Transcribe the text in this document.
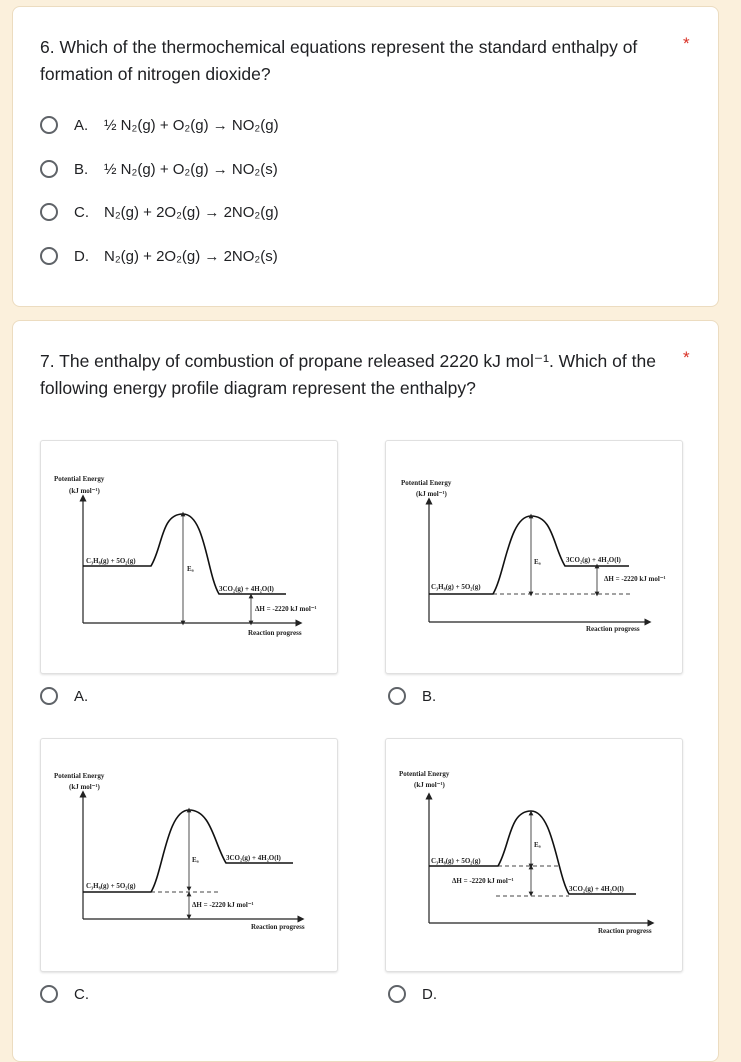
6. Which of the thermochemical equations represent the standard enthalpy of formation of nitrogen dioxide?
*
A.	½ N₂(g) + O₂(g) → NO₂(g)
B.	½ N₂(g) + O₂(g) → NO₂(s)
C.	N₂(g) + 2O₂(g) → 2NO₂(g)
D.	N₂(g) + 2O₂(g) → 2NO₂(s)
7. The enthalpy of combustion of propane released 2220 kJ mol⁻¹. Which of the following energy profile diagram represent the enthalpy?
*
Potential Energy
(kJ mol⁻¹)
C₃H₈(g) + 5O₂(g)
Eₐ
3CO₂(g) + 4H₂O(l)
ΔH = -2220 kJ mol⁻¹
Reaction progress
Potential Energy
(kJ mol⁻¹)
C₃H₈(g) + 5O₂(g)
Eₐ	3CO₂(g) + 4H₂O(l)
ΔH = -2220 kJ mol⁻¹
Reaction progress
Potential Energy
(kJ mol⁻¹)
C₃H₈(g) + 5O₂(g)
Eₐ	3CO₂(g) + 4H₂O(l)
ΔH = -2220 kJ mol⁻¹
Reaction progress
Potential Energy
(kJ mol⁻¹)
C₃H₈(g) + 5O₂(g)
Eₐ
3CO₂(g) + 4H₂O(l)
ΔH = -2220 kJ mol⁻¹
Reaction progress
A.	B.
C.	D.
